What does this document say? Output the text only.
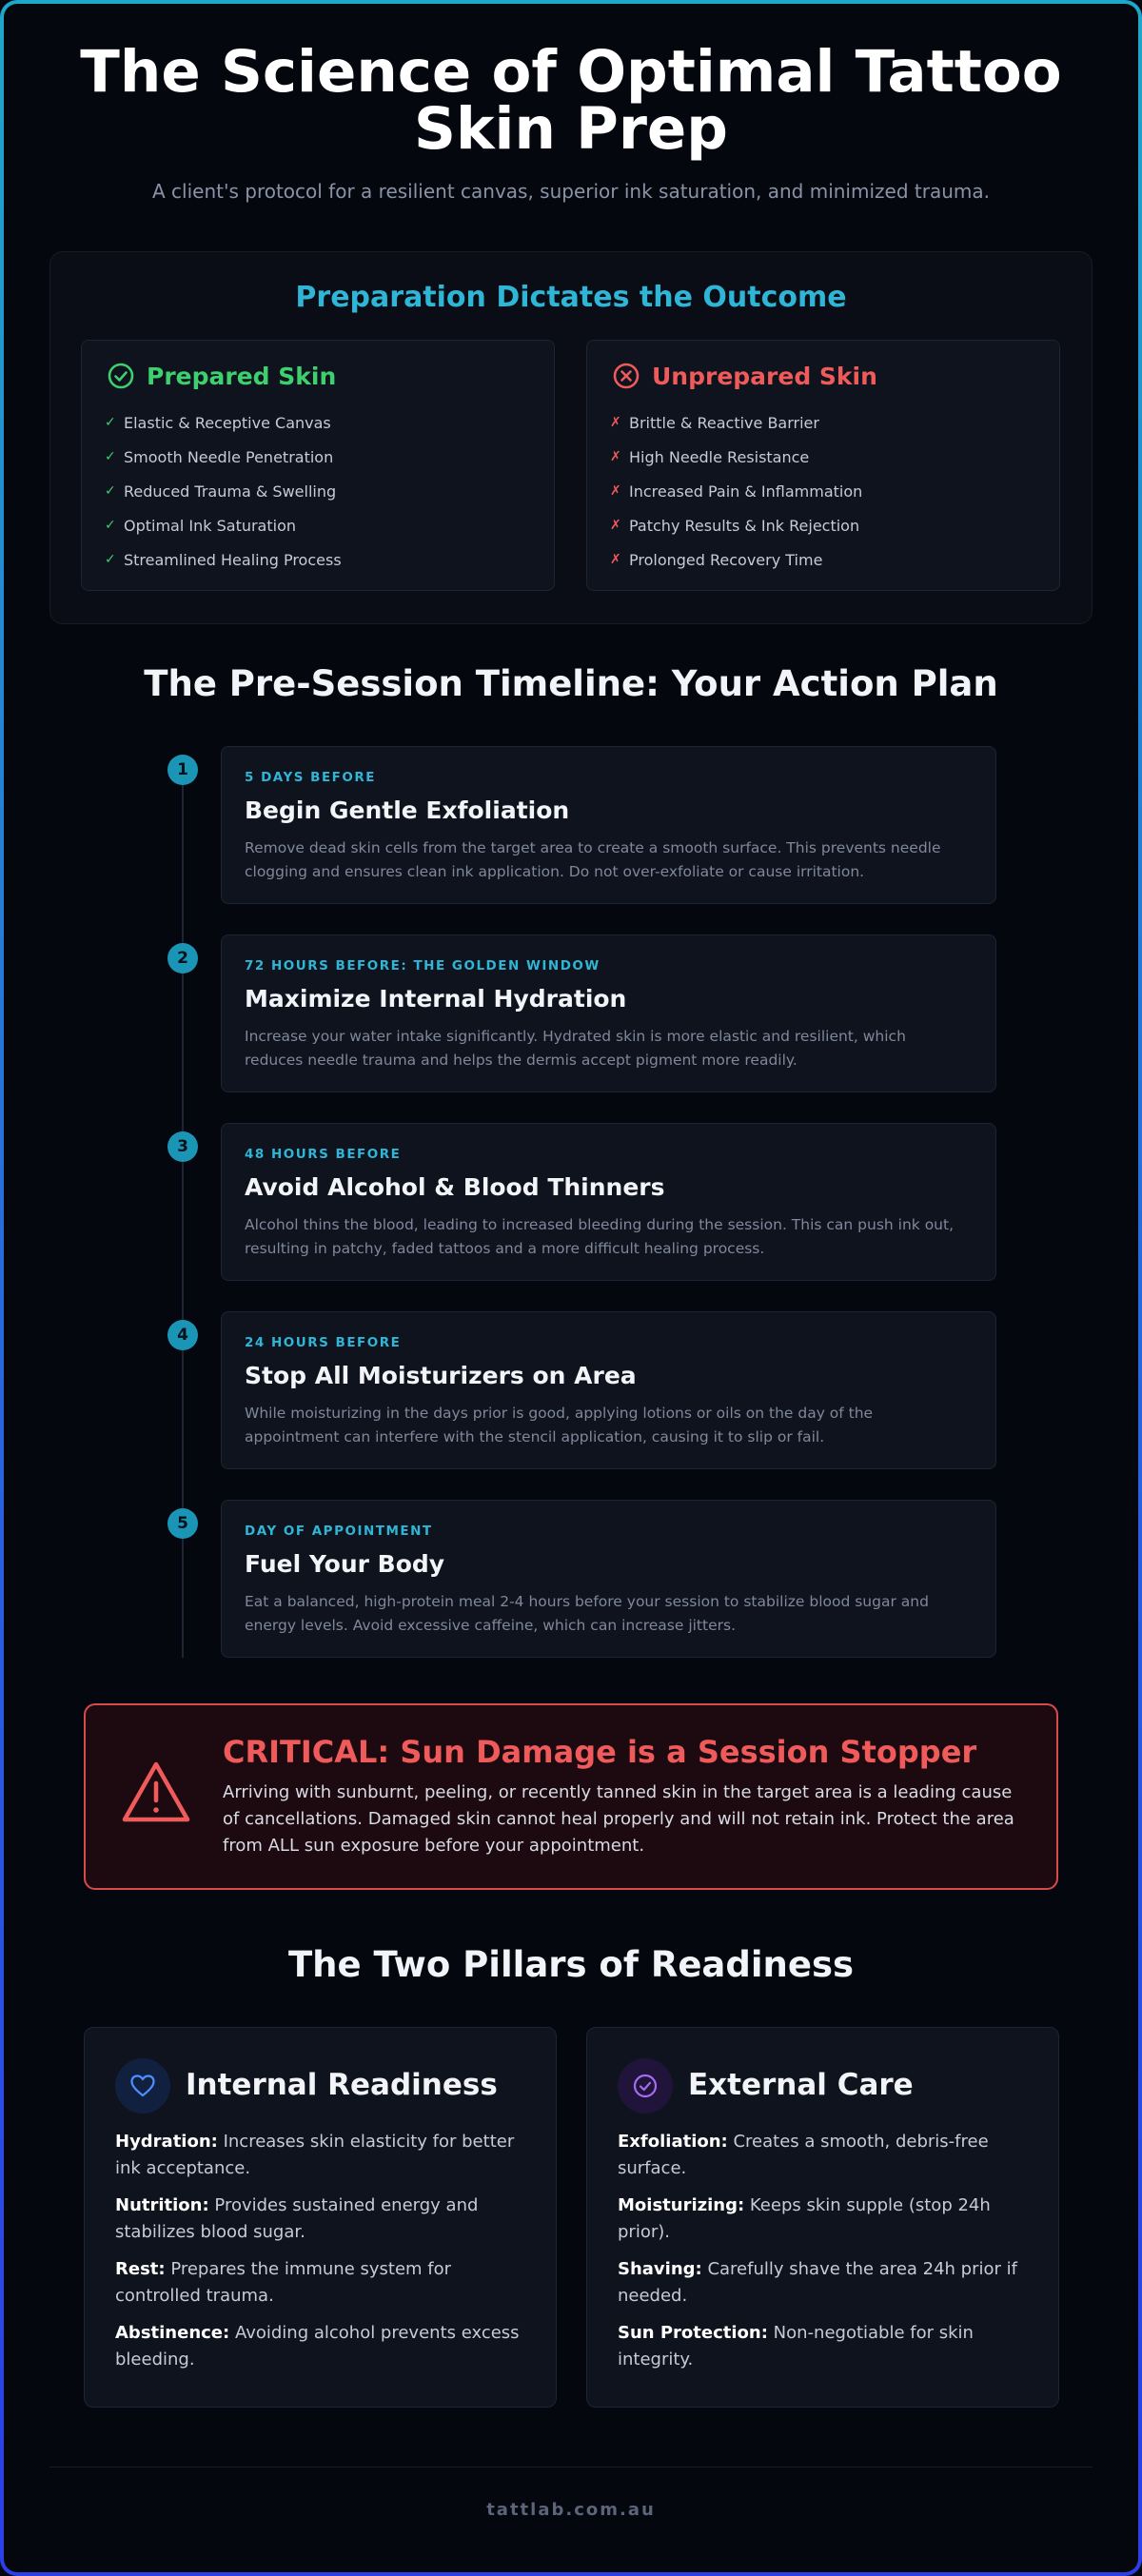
The Science of Optimal Tattoo
Skin Prep
A client's protocol for a resilient canvas, superior ink saturation, and minimized trauma.
Preparation Dictates the Outcome
Prepared Skin
✓ Elastic & Receptive Canvas
✓ Smooth Needle Penetration
✓ Reduced Trauma & Swelling
✓ Optimal Ink Saturation
✓ Streamlined Healing Process
Unprepared Skin
✗ Brittle & Reactive Barrier
✗ High Needle Resistance
✗ Increased Pain & Inflammation
✗ Patchy Results & Ink Rejection
✗ Prolonged Recovery Time
The Pre-Session Timeline: Your Action Plan
1	5 DAYS BEFORE
Begin Gentle Exfoliation
Remove dead skin cells from the target area to create a smooth surface. This prevents needle clogging and ensures clean ink application. Do not over-exfoliate or cause irritation.
2	72 HOURS BEFORE: THE GOLDEN WINDOW
Maximize Internal Hydration
Increase your water intake significantly. Hydrated skin is more elastic and resilient, which reduces needle trauma and helps the dermis accept pigment more readily.
3	48 HOURS BEFORE
Avoid Alcohol & Blood Thinners
Alcohol thins the blood, leading to increased bleeding during the session. This can push ink out, resulting in patchy, faded tattoos and a more difficult healing process.
4	24 HOURS BEFORE
Stop All Moisturizers on Area
While moisturizing in the days prior is good, applying lotions or oils on the day of the appointment can interfere with the stencil application, causing it to slip or fail.
5	DAY OF APPOINTMENT
Fuel Your Body
Eat a balanced, high-protein meal 2-4 hours before your session to stabilize blood sugar and energy levels. Avoid excessive caffeine, which can increase jitters.
CRITICAL: Sun Damage is a Session Stopper
Arriving with sunburnt, peeling, or recently tanned skin in the target area is a leading cause of cancellations. Damaged skin cannot heal properly and will not retain ink. Protect the area from ALL sun exposure before your appointment.
The Two Pillars of Readiness
Internal Readiness
Hydration: Increases skin elasticity for better ink acceptance.
Nutrition: Provides sustained energy and stabilizes blood sugar.
Rest: Prepares the immune system for controlled trauma.
Abstinence: Avoiding alcohol prevents excess bleeding.
External Care
Exfoliation: Creates a smooth, debris-free surface.
Moisturizing: Keeps skin supple (stop 24h prior).
Shaving: Carefully shave the area 24h prior if needed.
Sun Protection: Non-negotiable for skin integrity.
tattlab.com.au
